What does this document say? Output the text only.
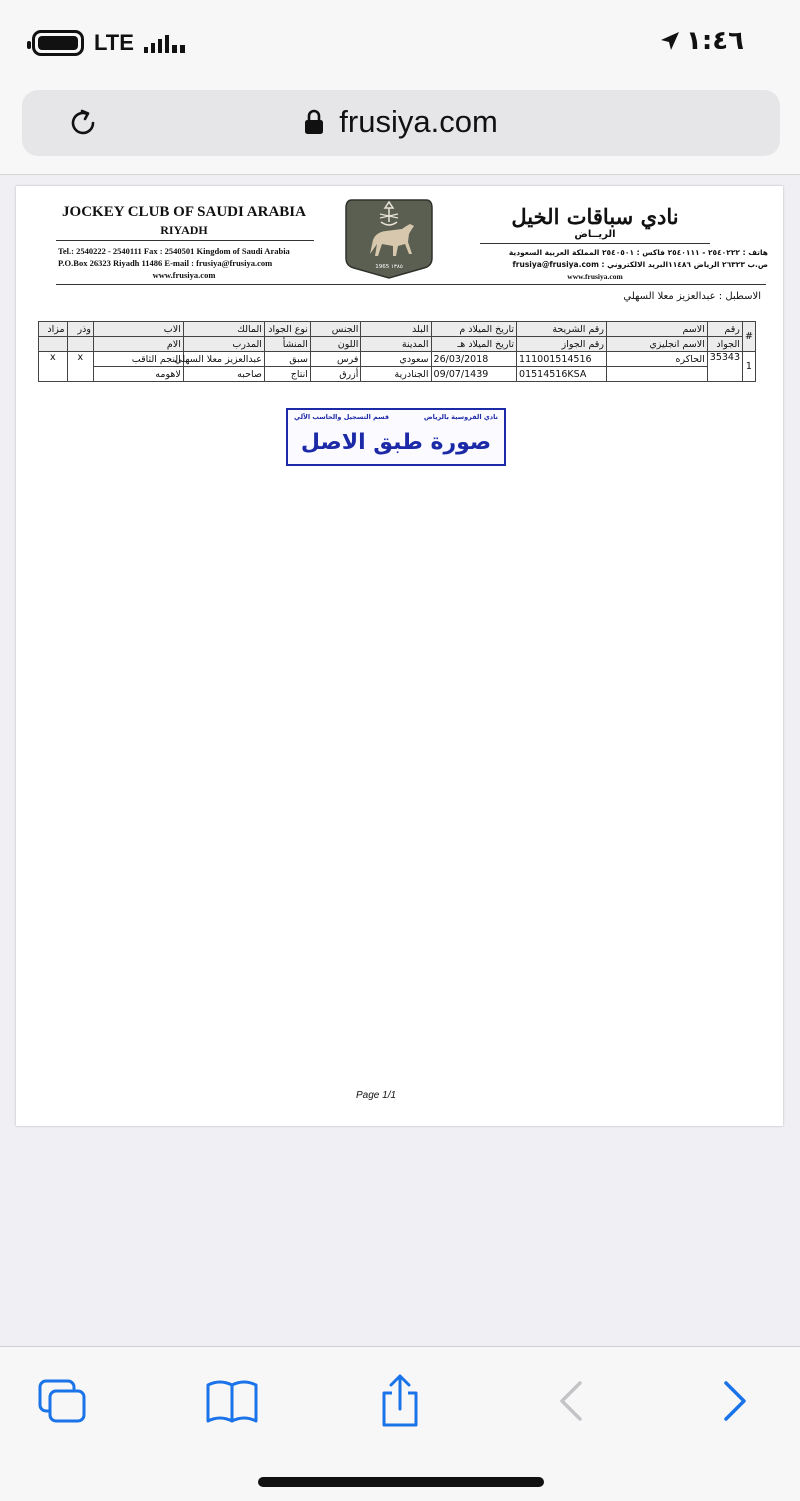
LTE	١:٤٦
frusiya.com
JOCKEY CLUB OF SAUDI ARABIA
RIYADH
Tel.: 2540222 - 2540111 Fax : 2540501 Kingdom of Saudi Arabia
P.O.Box 26323 Riyadh 11486 E-mail : frusiya@frusiya.com
www.frusiya.com
1965 ١٣٨٥
نادي سباقات الخيل
الريــاض
هاتف : ٢٥٤٠٢٢٢ - ٢٥٤٠١١١ فاكس : ٢٥٤٠٥٠١ المملكة العربية السعودية
ص.ب ٢٦٣٢٣ الرياض ١١٤٨٦البريد الالكتروني : frusiya@frusiya.com
www.frusiya.com
الاسطبل : عبدالعزيز معلا السهلي
#	رقم	الاسم	رقم الشريحة	تاريخ الميلاد م	البلد	الجنس	نوع الجواد	المالك	الاب	وذر	مزاد
	الجواد	الاسم انجليزي	رقم الجواز	تاريخ الميلاد هـ	المدينة	اللون	المنشأ	المدرب	الام		
1	35343	الحاكره	111001514516	26/03/2018	سعودي	فرس	سبق	عبدالعزيز معلا السهلي	النجم الثاقب	x	x
			01514516KSA	09/07/1439	الجنادرية	أزرق	انتاج	صاحبه	لاهومه		
نادي الفروسية بالرياض
قسم التسجيل والحاسب الآلي
صورة طبق الاصل
Page 1/1
